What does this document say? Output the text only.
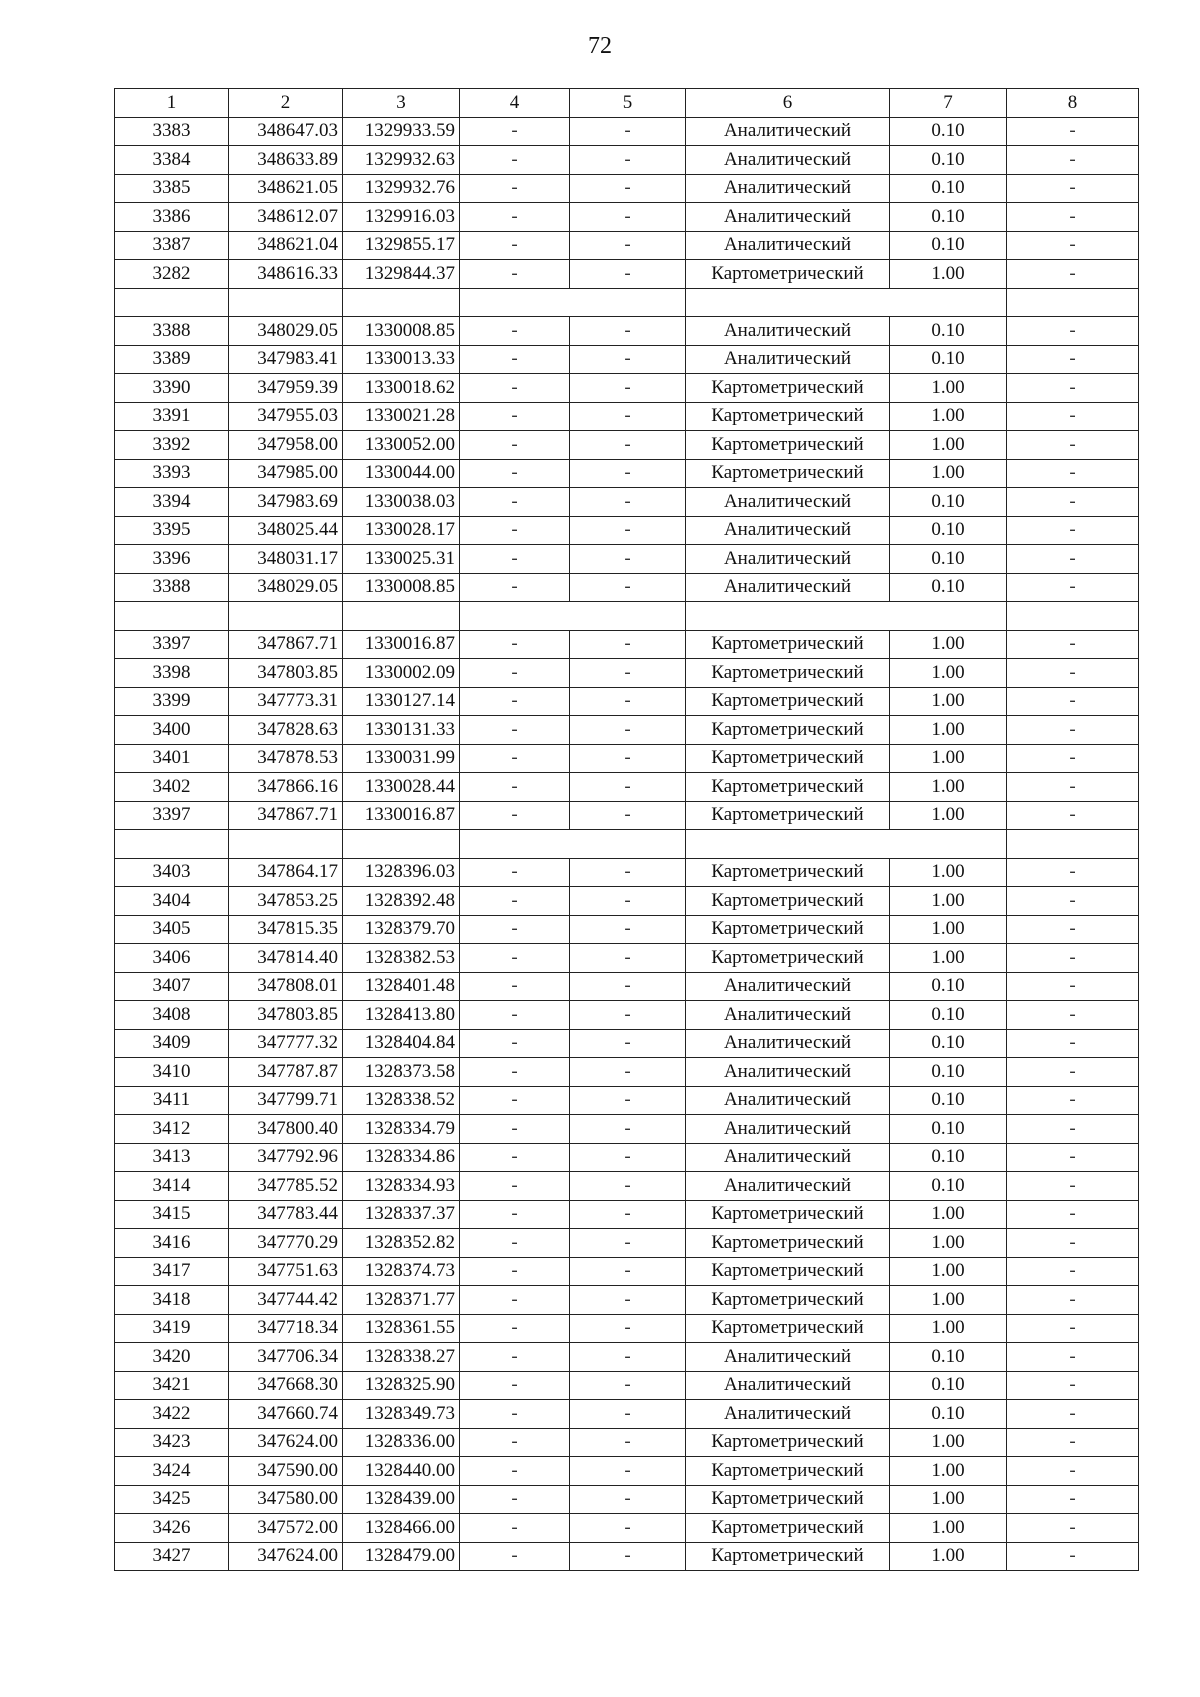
72
1	2	3	4	5	6	7	8
3383	348647.03	1329933.59	-	-	Аналитический	0.10	-
3384	348633.89	1329932.63	-	-	Аналитический	0.10	-
3385	348621.05	1329932.76	-	-	Аналитический	0.10	-
3386	348612.07	1329916.03	-	-	Аналитический	0.10	-
3387	348621.04	1329855.17	-	-	Аналитический	0.10	-
3282	348616.33	1329844.37	-	-	Картометрический	1.00	-

3388	348029.05	1330008.85	-	-	Аналитический	0.10	-
3389	347983.41	1330013.33	-	-	Аналитический	0.10	-
3390	347959.39	1330018.62	-	-	Картометрический	1.00	-
3391	347955.03	1330021.28	-	-	Картометрический	1.00	-
3392	347958.00	1330052.00	-	-	Картометрический	1.00	-
3393	347985.00	1330044.00	-	-	Картометрический	1.00	-
3394	347983.69	1330038.03	-	-	Аналитический	0.10	-
3395	348025.44	1330028.17	-	-	Аналитический	0.10	-
3396	348031.17	1330025.31	-	-	Аналитический	0.10	-
3388	348029.05	1330008.85	-	-	Аналитический	0.10	-

3397	347867.71	1330016.87	-	-	Картометрический	1.00	-
3398	347803.85	1330002.09	-	-	Картометрический	1.00	-
3399	347773.31	1330127.14	-	-	Картометрический	1.00	-
3400	347828.63	1330131.33	-	-	Картометрический	1.00	-
3401	347878.53	1330031.99	-	-	Картометрический	1.00	-
3402	347866.16	1330028.44	-	-	Картометрический	1.00	-
3397	347867.71	1330016.87	-	-	Картометрический	1.00	-

3403	347864.17	1328396.03	-	-	Картометрический	1.00	-
3404	347853.25	1328392.48	-	-	Картометрический	1.00	-
3405	347815.35	1328379.70	-	-	Картометрический	1.00	-
3406	347814.40	1328382.53	-	-	Картометрический	1.00	-
3407	347808.01	1328401.48	-	-	Аналитический	0.10	-
3408	347803.85	1328413.80	-	-	Аналитический	0.10	-
3409	347777.32	1328404.84	-	-	Аналитический	0.10	-
3410	347787.87	1328373.58	-	-	Аналитический	0.10	-
3411	347799.71	1328338.52	-	-	Аналитический	0.10	-
3412	347800.40	1328334.79	-	-	Аналитический	0.10	-
3413	347792.96	1328334.86	-	-	Аналитический	0.10	-
3414	347785.52	1328334.93	-	-	Аналитический	0.10	-
3415	347783.44	1328337.37	-	-	Картометрический	1.00	-
3416	347770.29	1328352.82	-	-	Картометрический	1.00	-
3417	347751.63	1328374.73	-	-	Картометрический	1.00	-
3418	347744.42	1328371.77	-	-	Картометрический	1.00	-
3419	347718.34	1328361.55	-	-	Картометрический	1.00	-
3420	347706.34	1328338.27	-	-	Аналитический	0.10	-
3421	347668.30	1328325.90	-	-	Аналитический	0.10	-
3422	347660.74	1328349.73	-	-	Аналитический	0.10	-
3423	347624.00	1328336.00	-	-	Картометрический	1.00	-
3424	347590.00	1328440.00	-	-	Картометрический	1.00	-
3425	347580.00	1328439.00	-	-	Картометрический	1.00	-
3426	347572.00	1328466.00	-	-	Картометрический	1.00	-
3427	347624.00	1328479.00	-	-	Картометрический	1.00	-
